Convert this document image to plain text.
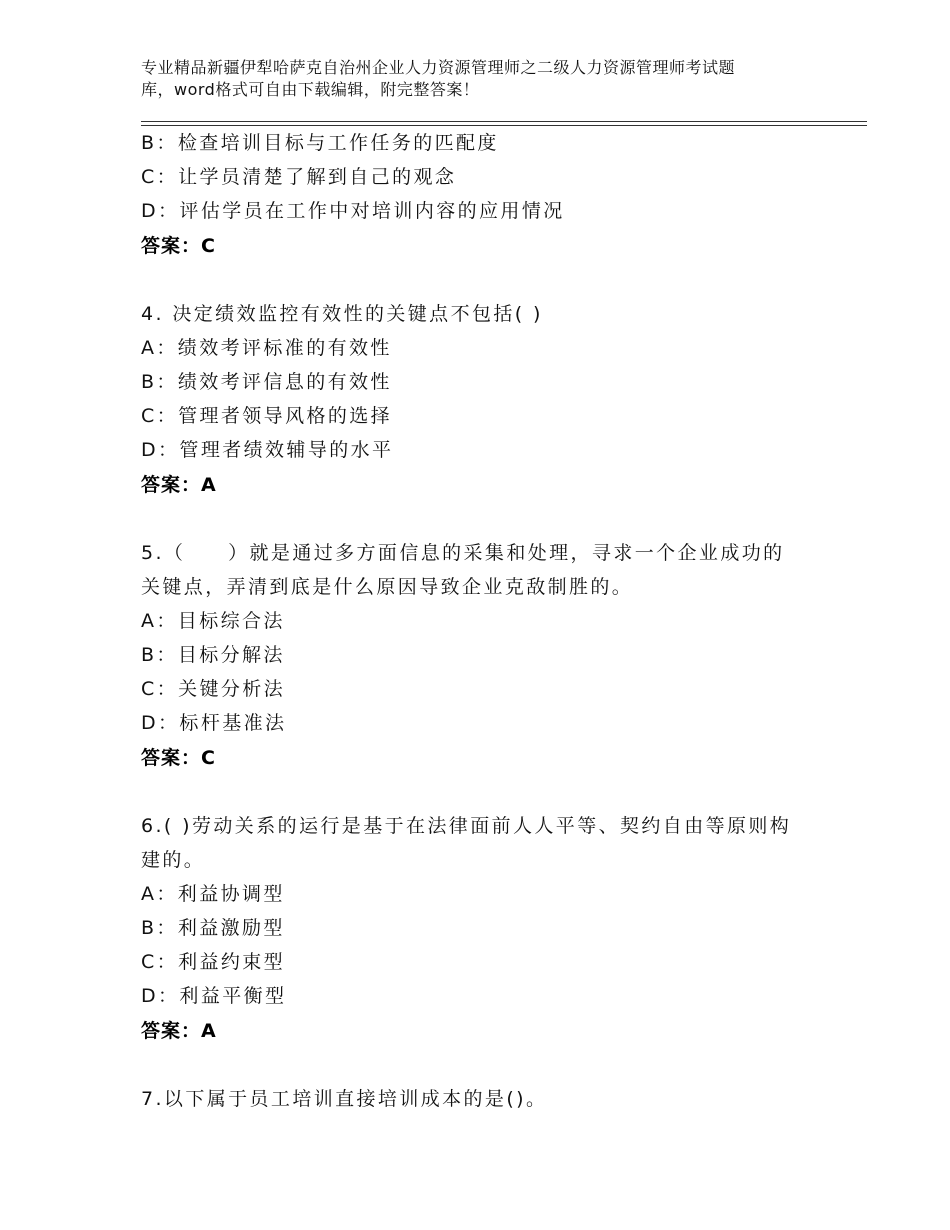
专业精品新疆伊犁哈萨克自治州企业人力资源管理师之二级人力资源管理师考试题
库，word格式可自由下载编辑，附完整答案！
B：检查培训目标与工作任务的匹配度
C：让学员清楚了解到自己的观念
D：评估学员在工作中对培训内容的应用情况
答案：C
4. 决定绩效监控有效性的关键点不包括( )
A：绩效考评标准的有效性
B：绩效考评信息的有效性
C：管理者领导风格的选择
D：管理者绩效辅导的水平
答案：A
5.（　　）就是通过多方面信息的采集和处理，寻求一个企业成功的
关键点，弄清到底是什么原因导致企业克敌制胜的。
A：目标综合法
B：目标分解法
C：关键分析法
D：标杆基准法
答案：C
6.( )劳动关系的运行是基于在法律面前人人平等、契约自由等原则构
建的。
A：利益协调型
B：利益激励型
C：利益约束型
D：利益平衡型
答案：A
7.以下属于员工培训直接培训成本的是()。
